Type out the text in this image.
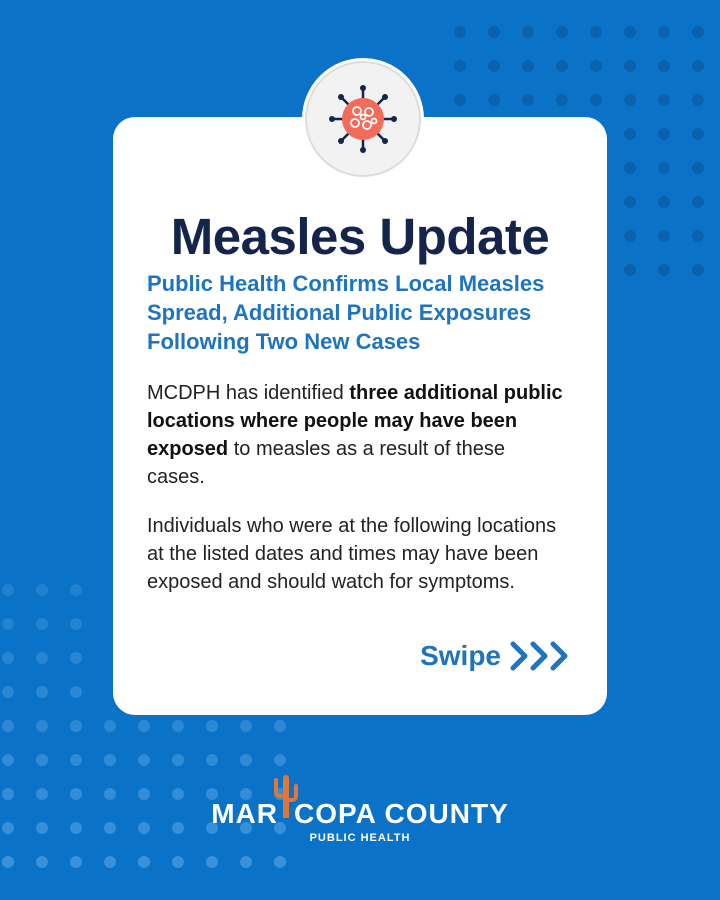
Measles Update

Public Health Confirms Local Measles Spread, Additional Public Exposures Following Two New Cases

MCDPH has identified three additional public locations where people may have been exposed to measles as a result of these cases.

Individuals who were at the following locations at the listed dates and times may have been exposed and should watch for symptoms.

Swipe
MAR COPA COUNTY
PUBLIC HEALTH
